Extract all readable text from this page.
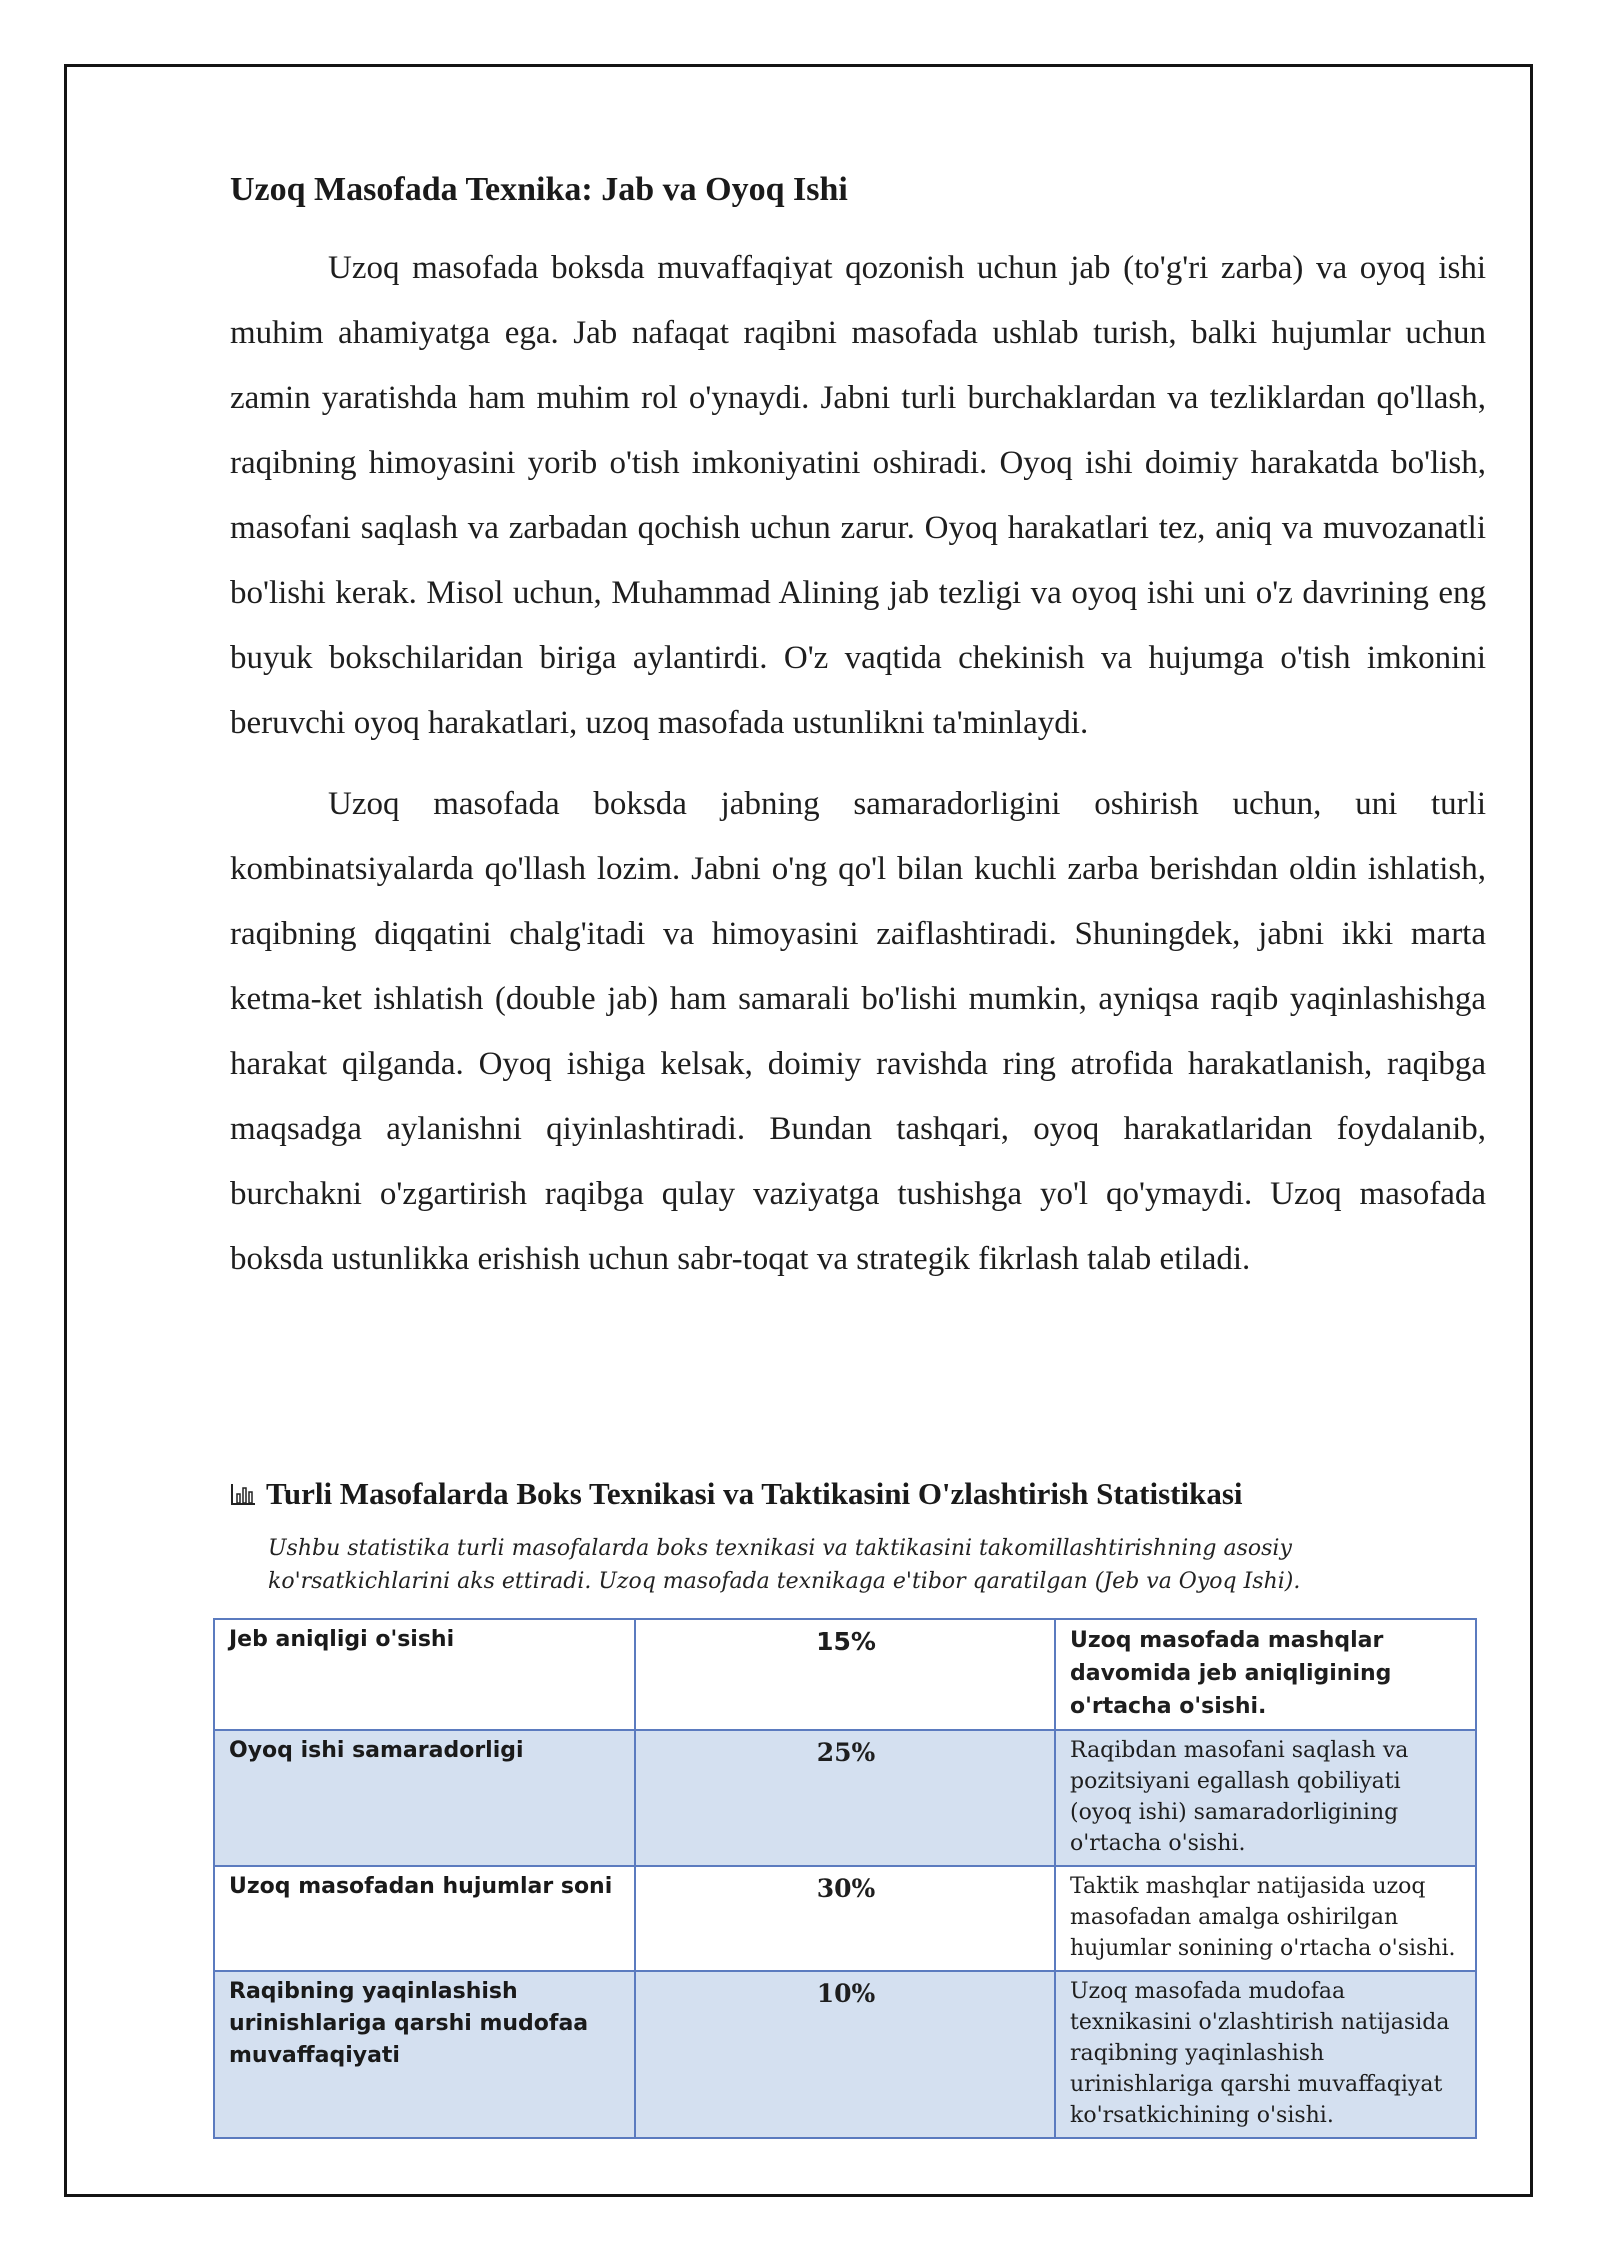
Uzoq Masofada Texnika: Jab va Oyoq Ishi

Uzoq masofada boksda muvaffaqiyat qozonish uchun jab (to'g'ri zarba) va oyoq ishi muhim ahamiyatga ega. Jab nafaqat raqibni masofada ushlab turish, balki hujumlar uchun zamin yaratishda ham muhim rol o'ynaydi. Jabni turli burchaklardan va tezliklardan qo'llash, raqibning himoyasini yorib o'tish imkoniyatini oshiradi. Oyoq ishi doimiy harakatda bo'lish, masofani saqlash va zarbadan qochish uchun zarur. Oyoq harakatlari tez, aniq va muvozanatli bo'lishi kerak. Misol uchun, Muhammad Alining jab tezligi va oyoq ishi uni o'z davrining eng buyuk bokschilaridan biriga aylantirdi. O'z vaqtida chekinish va hujumga o'tish imkonini beruvchi oyoq harakatlari, uzoq masofada ustunlikni ta'minlaydi.

Uzoq masofada boksda jabning samaradorligini oshirish uchun, uni turli kombinatsiyalarda qo'llash lozim. Jabni o'ng qo'l bilan kuchli zarba berishdan oldin ishlatish, raqibning diqqatini chalg'itadi va himoyasini zaiflashtiradi. Shuningdek, jabni ikki marta ketma-ket ishlatish (double jab) ham samarali bo'lishi mumkin, ayniqsa raqib yaqinlashishga harakat qilganda. Oyoq ishiga kelsak, doimiy ravishda ring atrofida harakatlanish, raqibga maqsadga aylanishni qiyinlashtiradi. Bundan tashqari, oyoq harakatlaridan foydalanib, burchakni o'zgartirish raqibga qulay vaziyatga tushishga yo'l qo'ymaydi. Uzoq masofada boksda ustunlikka erishish uchun sabr-toqat va strategik fikrlash talab etiladi.

Turli Masofalarda Boks Texnikasi va Taktikasini O'zlashtirish Statistikasi
Ushbu statistika turli masofalarda boks texnikasi va taktikasini takomillashtirishning asosiy ko'rsatkichlarini aks ettiradi. Uzoq masofada texnikaga e'tibor qaratilgan (Jeb va Oyoq Ishi).
Jeb aniqligi o'sishi	15%	Uzoq masofada mashqlar davomida jeb aniqligining o'rtacha o'sishi.

Oyoq ishi samaradorligi	25%	Raqibdan masofani saqlash va pozitsiyani egallash qobiliyati (oyoq ishi) samaradorligining o'rtacha o'sishi.

Uzoq masofadan hujumlar soni	30%	Taktik mashqlar natijasida uzoq masofadan amalga oshirilgan hujumlar sonining o'rtacha o'sishi.

Raqibning yaqinlashish urinishlariga qarshi mudofaa muvaffaqiyati	10%	Uzoq masofada mudofaa texnikasini o'zlashtirish natijasida raqibning yaqinlashish urinishlariga qarshi muvaffaqiyat ko'rsatkichining o'sishi.
